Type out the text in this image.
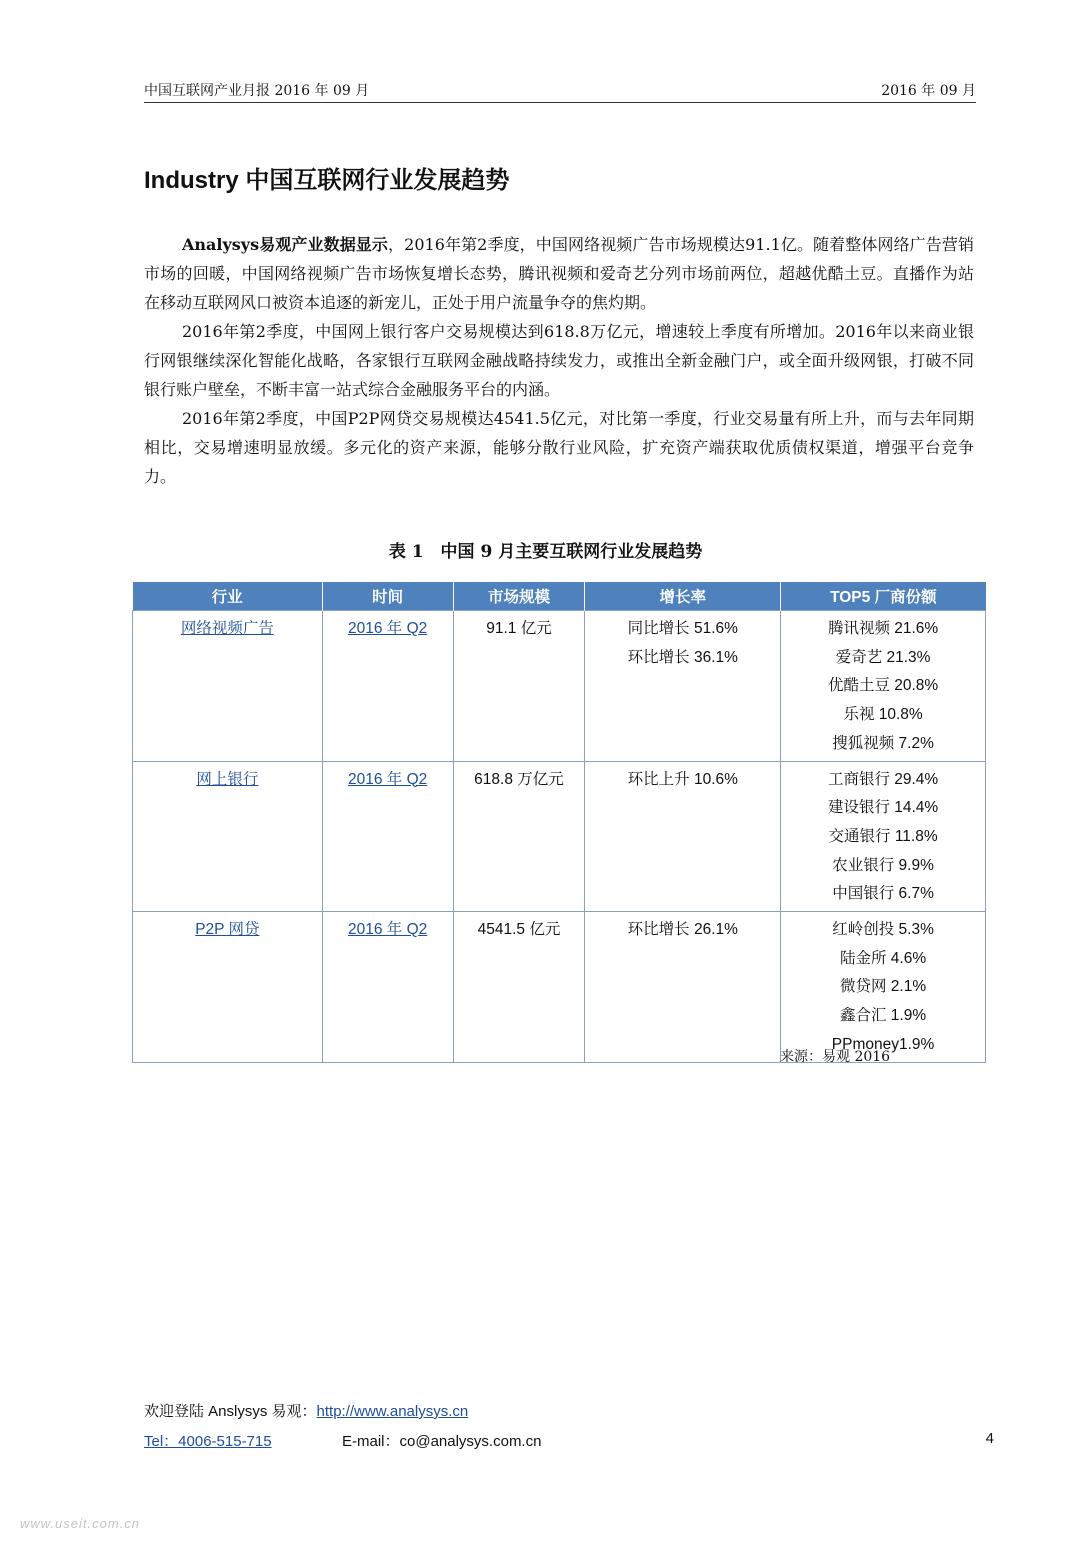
中国互联网产业月报 2016 年 09 月	2016 年 09 月
Industry 中国互联网行业发展趋势

Analysys易观产业数据显示，2016年第2季度，中国网络视频广告市场规模达91.1亿。随着整体网络广告营销市场的回暖，中国网络视频广告市场恢复增长态势，腾讯视频和爱奇艺分列市场前两位，超越优酷土豆。直播作为站在移动互联网风口被资本追逐的新宠儿，正处于用户流量争夺的焦灼期。

2016年第2季度，中国网上银行客户交易规模达到618.8万亿元，增速较上季度有所增加。2016年以来商业银行网银继续深化智能化战略，各家银行互联网金融战略持续发力，或推出全新金融门户，或全面升级网银，打破不同银行账户壁垒，不断丰富一站式综合金融服务平台的内涵。

2016年第2季度，中国P2P网贷交易规模达4541.5亿元，对比第一季度，行业交易量有所上升，而与去年同期相比，交易增速明显放缓。多元化的资产来源，能够分散行业风险，扩充资产端获取优质债权渠道，增强平台竞争力。

表 1　中国 9 月主要互联网行业发展趋势
行业	时间	市场规模	增长率	TOP5 厂商份额
网络视频广告	2016 年 Q2	91.1 亿元	同比增长 51.6%
环比增长 36.1%	腾讯视频 21.6%
爱奇艺 21.3%
优酷土豆 20.8%
乐视 10.8%
搜狐视频 7.2%

网上银行	2016 年 Q2	618.8 万亿元	环比上升 10.6%	工商银行 29.4%
建设银行 14.4%
交通银行 11.8%
农业银行 9.9%
中国银行 6.7%

P2P 网贷	2016 年 Q2	4541.5 亿元	环比增长 26.1%	红岭创投 5.3%
陆金所 4.6%
微贷网 2.1%
鑫合汇 1.9%
PPmoney1.9%
来源：易观 2016
欢迎登陆 Anslysys 易观：http://www.analysys.cn
Tel：4006-515-715	E-mail：co@analysys.com.cn	4
www.useit.com.cn
